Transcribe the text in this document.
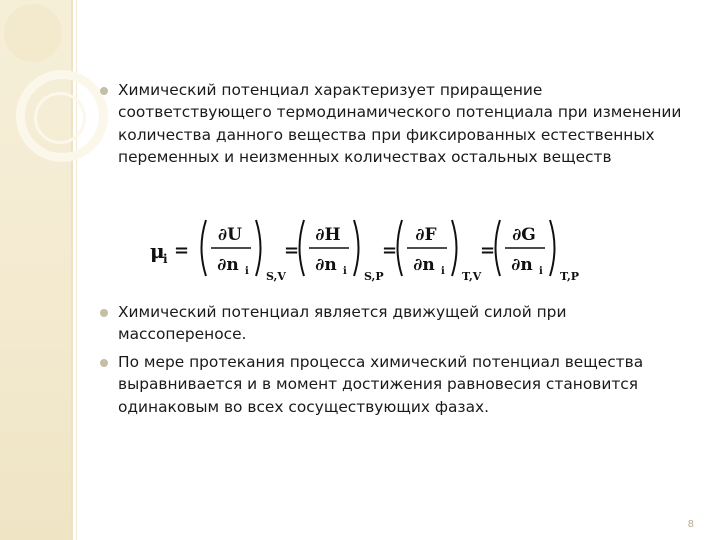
Химический потенциал характеризует приращение соответствующего термодинамического потенциала при изменении количества данного вещества при фиксированных естественных переменных и неизменных количествах остальных веществ
μ
i =
∂U
∂n i S,V
=
∂H
∂n i S,P
=
∂F
∂n i T,V
=
∂G
∂n i T,P
Химический потенциал является движущей силой при массопереносе.
По мере протекания процесса химический потенциал вещества выравнивается и в момент достижения равновесия становится одинаковым во всех сосуществующих фазах.
8
